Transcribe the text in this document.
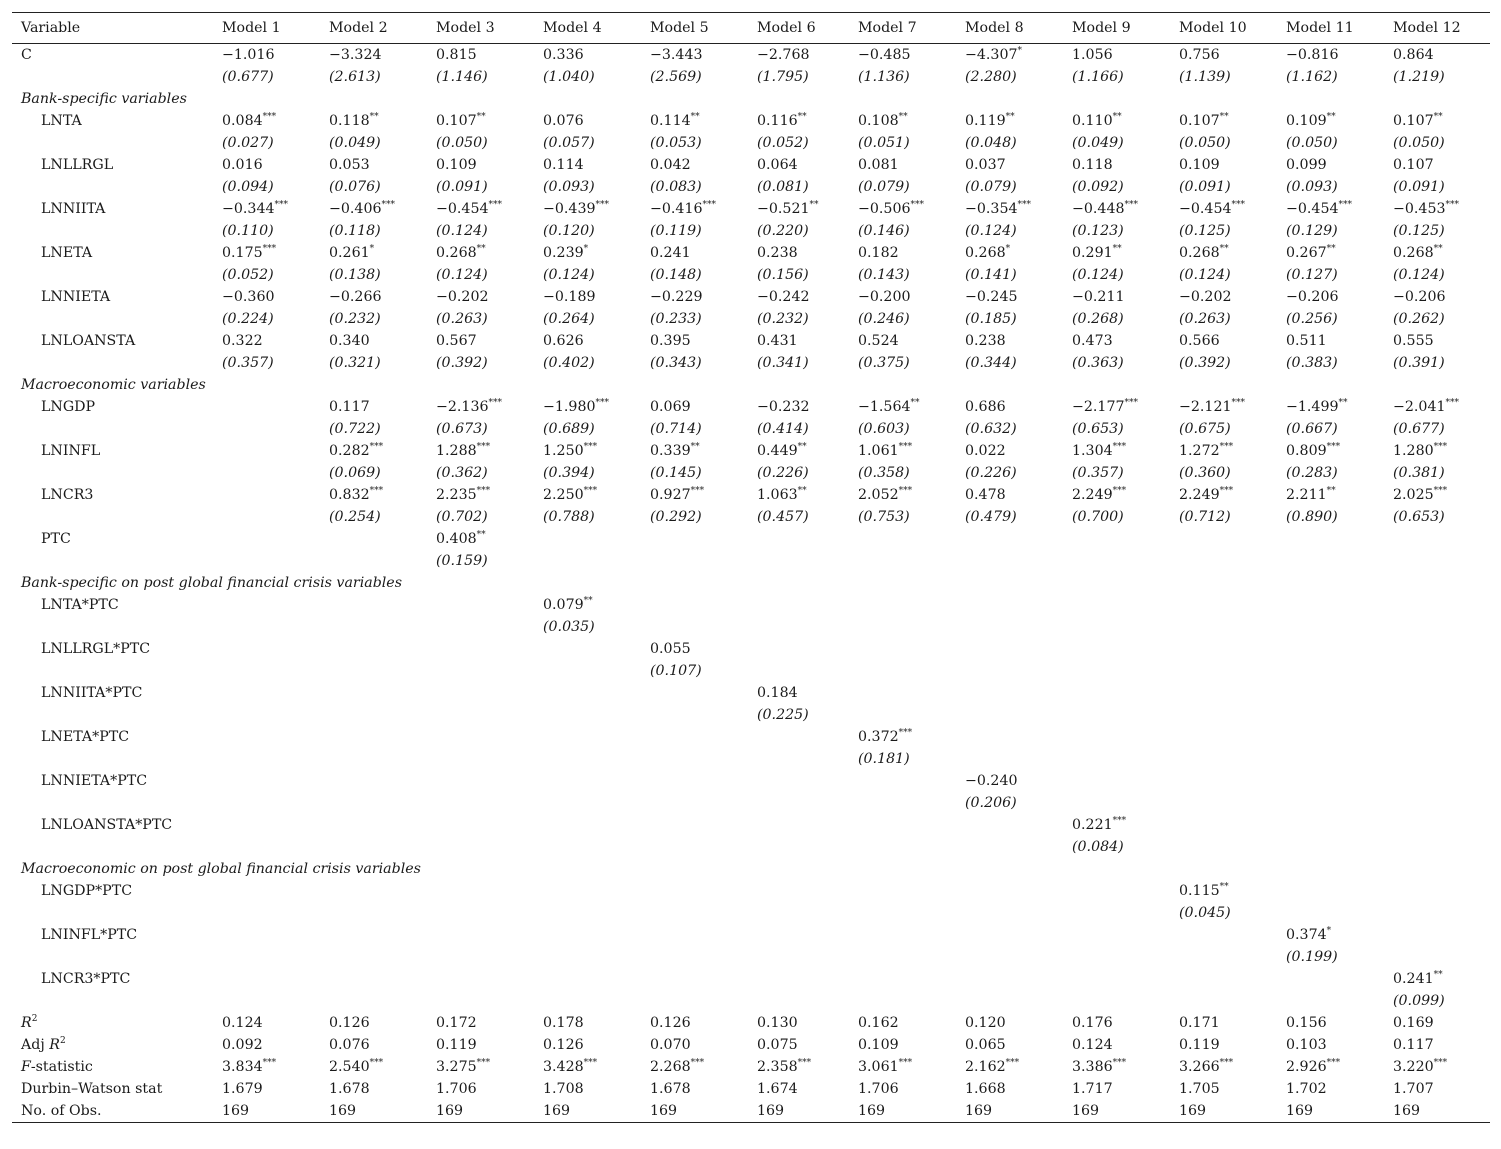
Variable	Model 1	Model 2	Model 3	Model 4	Model 5	Model 6	Model 7	Model 8	Model 9	Model 10	Model 11	Model 12
C	−1.016	−3.324	0.815	0.336	−3.443	−2.768	−0.485	−4.307*	1.056	0.756	−0.816	0.864
	(0.677)	(2.613)	(1.146)	(1.040)	(2.569)	(1.795)	(1.136)	(2.280)	(1.166)	(1.139)	(1.162)	(1.219)
Bank-specific variables												
LNTA	0.084***	0.118**	0.107**	0.076	0.114**	0.116**	0.108**	0.119**	0.110**	0.107**	0.109**	0.107**
	(0.027)	(0.049)	(0.050)	(0.057)	(0.053)	(0.052)	(0.051)	(0.048)	(0.049)	(0.050)	(0.050)	(0.050)
LNLLRGL	0.016	0.053	0.109	0.114	0.042	0.064	0.081	0.037	0.118	0.109	0.099	0.107
	(0.094)	(0.076)	(0.091)	(0.093)	(0.083)	(0.081)	(0.079)	(0.079)	(0.092)	(0.091)	(0.093)	(0.091)
LNNIITA	−0.344***	−0.406***	−0.454***	−0.439***	−0.416***	−0.521**	−0.506***	−0.354***	−0.448***	−0.454***	−0.454***	−0.453***
	(0.110)	(0.118)	(0.124)	(0.120)	(0.119)	(0.220)	(0.146)	(0.124)	(0.123)	(0.125)	(0.129)	(0.125)
LNETA	0.175***	0.261*	0.268**	0.239*	0.241	0.238	0.182	0.268*	0.291**	0.268**	0.267**	0.268**
	(0.052)	(0.138)	(0.124)	(0.124)	(0.148)	(0.156)	(0.143)	(0.141)	(0.124)	(0.124)	(0.127)	(0.124)
LNNIETA	−0.360	−0.266	−0.202	−0.189	−0.229	−0.242	−0.200	−0.245	−0.211	−0.202	−0.206	−0.206
	(0.224)	(0.232)	(0.263)	(0.264)	(0.233)	(0.232)	(0.246)	(0.185)	(0.268)	(0.263)	(0.256)	(0.262)
LNLOANSTA	0.322	0.340	0.567	0.626	0.395	0.431	0.524	0.238	0.473	0.566	0.511	0.555
	(0.357)	(0.321)	(0.392)	(0.402)	(0.343)	(0.341)	(0.375)	(0.344)	(0.363)	(0.392)	(0.383)	(0.391)
Macroeconomic variables												
LNGDP		0.117	−2.136***	−1.980***	0.069	−0.232	−1.564**	0.686	−2.177***	−2.121***	−1.499**	−2.041***
		(0.722)	(0.673)	(0.689)	(0.714)	(0.414)	(0.603)	(0.632)	(0.653)	(0.675)	(0.667)	(0.677)
LNINFL		0.282***	1.288***	1.250***	0.339**	0.449**	1.061***	0.022	1.304***	1.272***	0.809***	1.280***
		(0.069)	(0.362)	(0.394)	(0.145)	(0.226)	(0.358)	(0.226)	(0.357)	(0.360)	(0.283)	(0.381)
LNCR3		0.832***	2.235***	2.250***	0.927***	1.063**	2.052***	0.478	2.249***	2.249***	2.211**	2.025***
		(0.254)	(0.702)	(0.788)	(0.292)	(0.457)	(0.753)	(0.479)	(0.700)	(0.712)	(0.890)	(0.653)
PTC			0.408**									
			(0.159)									
Bank-specific on post global financial crisis variables												
LNTA*PTC				0.079**								
				(0.035)								
LNLLRGL*PTC					0.055							
					(0.107)							
LNNIITA*PTC						0.184						
						(0.225)						
LNETA*PTC							0.372***					
							(0.181)					
LNNIETA*PTC								−0.240				
								(0.206)				
LNLOANSTA*PTC									0.221***			
									(0.084)			
Macroeconomic on post global financial crisis variables												
LNGDP*PTC										0.115**		
										(0.045)		
LNINFL*PTC											0.374*	
											(0.199)	
LNCR3*PTC												0.241**
												(0.099)
$R^2$	0.124	0.126	0.172	0.178	0.126	0.130	0.162	0.120	0.176	0.171	0.156	0.169
Adj $R^2$	0.092	0.076	0.119	0.126	0.070	0.075	0.109	0.065	0.124	0.119	0.103	0.117
F-statistic	3.834***	2.540***	3.275***	3.428***	2.268***	2.358***	3.061***	2.162***	3.386***	3.266***	2.926***	3.220***
Durbin–Watson stat	1.679	1.678	1.706	1.708	1.678	1.674	1.706	1.668	1.717	1.705	1.702	1.707
No. of Obs.	169	169	169	169	169	169	169	169	169	169	169	169
